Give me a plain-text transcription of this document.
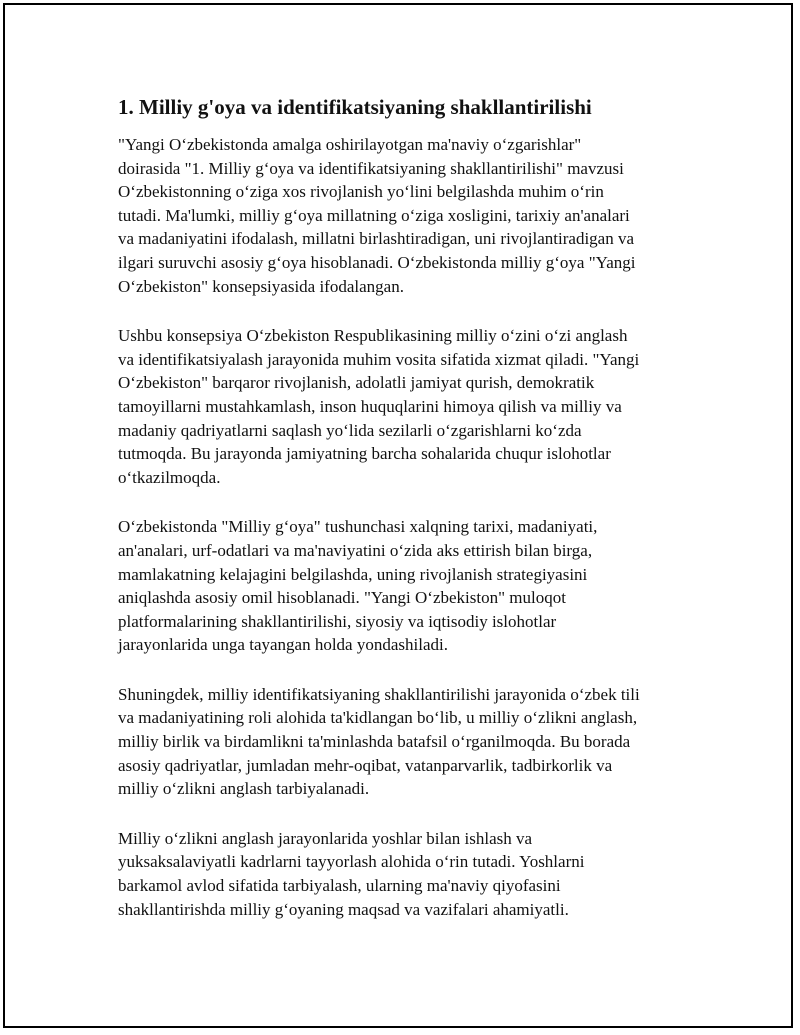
1. Milliy g'oya va identifikatsiyaning shakllantirilishi

"Yangi Oʻzbekistonda amalga oshirilayotgan ma'naviy oʻzgarishlar"
doirasida "1. Milliy gʻoya va identifikatsiyaning shakllantirilishi" mavzusi
Oʻzbekistonning oʻziga xos rivojlanish yoʻlini belgilashda muhim oʻrin
tutadi. Ma'lumki, milliy gʻoya millatning oʻziga xosligini, tarixiy an'analari
va madaniyatini ifodalash, millatni birlashtiradigan, uni rivojlantiradigan va
ilgari suruvchi asosiy gʻoya hisoblanadi. Oʻzbekistonda milliy gʻoya "Yangi
Oʻzbekiston" konsepsiyasida ifodalangan.

Ushbu konsepsiya Oʻzbekiston Respublikasining milliy oʻzini oʻzi anglash
va identifikatsiyalash jarayonida muhim vosita sifatida xizmat qiladi. "Yangi
Oʻzbekiston" barqaror rivojlanish, adolatli jamiyat qurish, demokratik
tamoyillarni mustahkamlash, inson huquqlarini himoya qilish va milliy va
madaniy qadriyatlarni saqlash yoʻlida sezilarli oʻzgarishlarni koʻzda
tutmoqda. Bu jarayonda jamiyatning barcha sohalarida chuqur islohotlar
oʻtkazilmoqda.

Oʻzbekistonda "Milliy gʻoya" tushunchasi xalqning tarixi, madaniyati,
an'analari, urf-odatlari va ma'naviyatini oʻzida aks ettirish bilan birga,
mamlakatning kelajagini belgilashda, uning rivojlanish strategiyasini
aniqlashda asosiy omil hisoblanadi. "Yangi Oʻzbekiston" muloqot
platformalarining shakllantirilishi, siyosiy va iqtisodiy islohotlar
jarayonlarida unga tayangan holda yondashiladi.

Shuningdek, milliy identifikatsiyaning shakllantirilishi jarayonida oʻzbek tili
va madaniyatining roli alohida ta'kidlangan boʻlib, u milliy oʻzlikni anglash,
milliy birlik va birdamlikni ta'minlashda batafsil oʻrganilmoqda. Bu borada
asosiy qadriyatlar, jumladan mehr-oqibat, vatanparvarlik, tadbirkorlik va
milliy oʻzlikni anglash tarbiyalanadi.

Milliy oʻzlikni anglash jarayonlarida yoshlar bilan ishlash va
yuksaksalaviyatli kadrlarni tayyorlash alohida oʻrin tutadi. Yoshlarni
barkamol avlod sifatida tarbiyalash, ularning ma'naviy qiyofasini
shakllantirishda milliy gʻoyaning maqsad va vazifalari ahamiyatli.
